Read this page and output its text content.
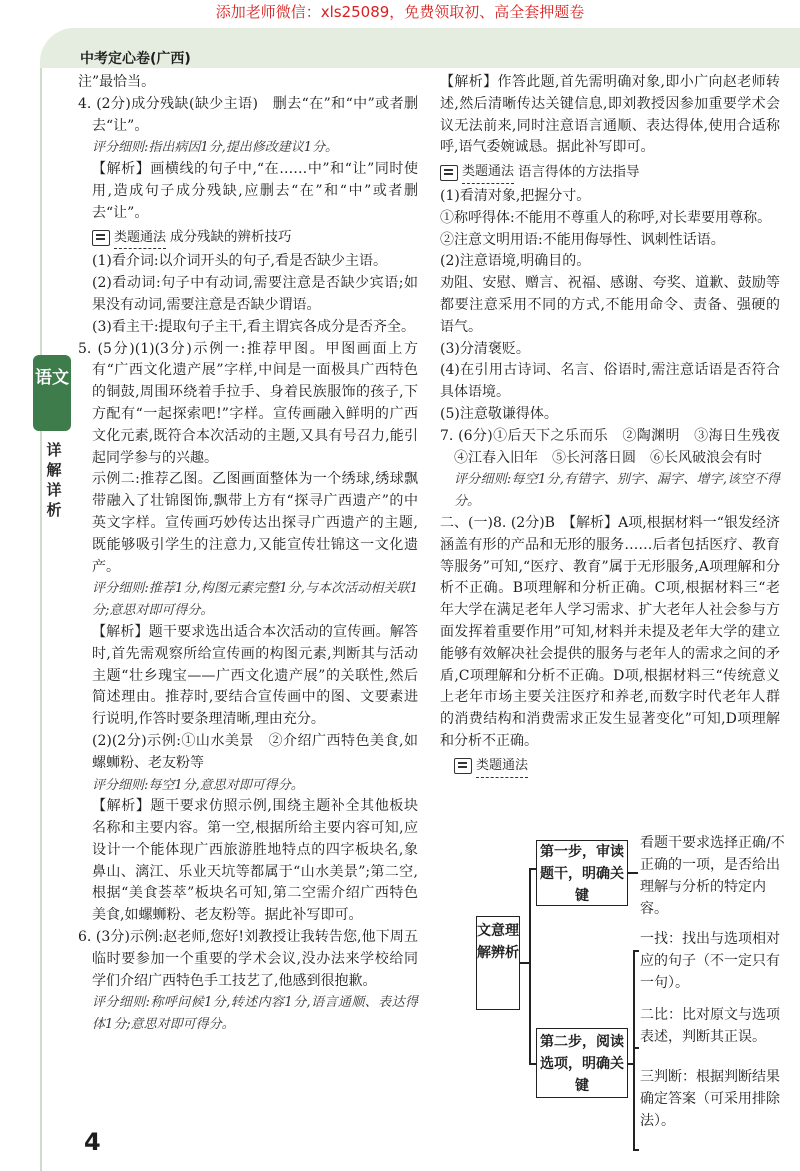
添加老师微信：xls25089，免费领取初、高全套押题卷
中考定心卷(广西)
语文
详解详析

注”最恰当。

4. (2分)成分残缺(缺少主语)　删去“在”和“中”或者删去“让”。

评分细则:指出病因1分,提出修改建议1分。

【解析】画横线的句子中,“在……中”和“让”同时使用,造成句子成分残缺,应删去“在”和“中”或者删去“让”。

类题通法 成分残缺的辨析技巧

(1)看介词:以介词开头的句子,看是否缺少主语。

(2)看动词:句子中有动词,需要注意是否缺少宾语;如果没有动词,需要注意是否缺少谓语。

(3)看主干:提取句子主干,看主谓宾各成分是否齐全。

5. (5分)(1)(3分)示例一:推荐甲图。甲图画面上方有“广西文化遗产展”字样,中间是一面极具广西特色的铜鼓,周围环绕着手拉手、身着民族服饰的孩子,下方配有“一起探索吧!”字样。宣传画融入鲜明的广西文化元素,既符合本次活动的主题,又具有号召力,能引起同学参与的兴趣。

示例二:推荐乙图。乙图画面整体为一个绣球,绣球飘带融入了壮锦图饰,飘带上方有“探寻广西遗产”的中英文字样。宣传画巧妙传达出探寻广西遗产的主题,既能够吸引学生的注意力,又能宣传壮锦这一文化遗产。

评分细则:推荐1分,构图元素完整1分,与本次活动相关联1分;意思对即可得分。

【解析】题干要求选出适合本次活动的宣传画。解答时,首先需观察所给宣传画的构图元素,判断其与活动主题“壮乡瑰宝——广西文化遗产展”的关联性,然后简述理由。推荐时,要结合宣传画中的图、文要素进行说明,作答时要条理清晰,理由充分。

(2)(2分)示例:①山水美景　②介绍广西特色美食,如螺蛳粉、老友粉等

评分细则:每空1分,意思对即可得分。

【解析】题干要求仿照示例,围绕主题补全其他板块名称和主要内容。第一空,根据所给主要内容可知,应设计一个能体现广西旅游胜地特点的四字板块名,象鼻山、漓江、乐业天坑等都属于“山水美景”;第二空,根据“美食荟萃”板块名可知,第二空需介绍广西特色美食,如螺蛳粉、老友粉等。据此补写即可。

6. (3分)示例:赵老师,您好!刘教授让我转告您,他下周五临时要参加一个重要的学术会议,没办法来学校给同学们介绍广西特色手工技艺了,他感到很抱歉。

评分细则:称呼问候1分,转述内容1分,语言通顺、表达得体1分;意思对即可得分。

【解析】作答此题,首先需明确对象,即小广向赵老师转述,然后清晰传达关键信息,即刘教授因参加重要学术会议无法前来,同时注意语言通顺、表达得体,使用合适称呼,语气委婉诚恳。据此补写即可。

类题通法 语言得体的方法指导

(1)看清对象,把握分寸。

①称呼得体:不能用不尊重人的称呼,对长辈要用尊称。

②注意文明用语:不能用侮辱性、讽刺性话语。

(2)注意语境,明确目的。

劝阻、安慰、赠言、祝福、感谢、夸奖、道歉、鼓励等都要注意采用不同的方式,不能用命令、责备、强硬的语气。

(3)分清褒贬。

(4)在引用古诗词、名言、俗语时,需注意话语是否符合具体语境。

(5)注意敬谦得体。

7. (6分)①后天下之乐而乐　②陶渊明　③海日生残夜　④江春入旧年　⑤长河落日圆　⑥长风破浪会有时

评分细则:每空1分,有错字、别字、漏字、增字,该空不得分。

二、(一)8. (2分)B　【解析】A项,根据材料一“银发经济涵盖有形的产品和无形的服务……后者包括医疗、教育等服务”可知,“医疗、教育”属于无形服务,A项理解和分析不正确。B项理解和分析正确。C项,根据材料三“老年大学在满足老年人学习需求、扩大老年人社会参与方面发挥着重要作用”可知,材料并未提及老年大学的建立能够有效解决社会提供的服务与老年人的需求之间的矛盾,C项理解和分析不正确。D项,根据材料三“传统意义上老年市场主要关注医疗和养老,而数字时代老年人群的消费结构和消费需求正发生显著变化”可知,D项理解和分析不正确。

类题通法
文意理解辨析
第一步，审读题干，明确关键
看题干要求选择正确/不正确的一项，是否给出理解与分析的特定内容。
第二步，阅读选项，明确关键
一找：找出与选项相对应的句子（不一定只有一句）。
二比：比对原文与选项表述，判断其正误。
三判断：根据判断结果确定答案（可采用排除法）。
4
